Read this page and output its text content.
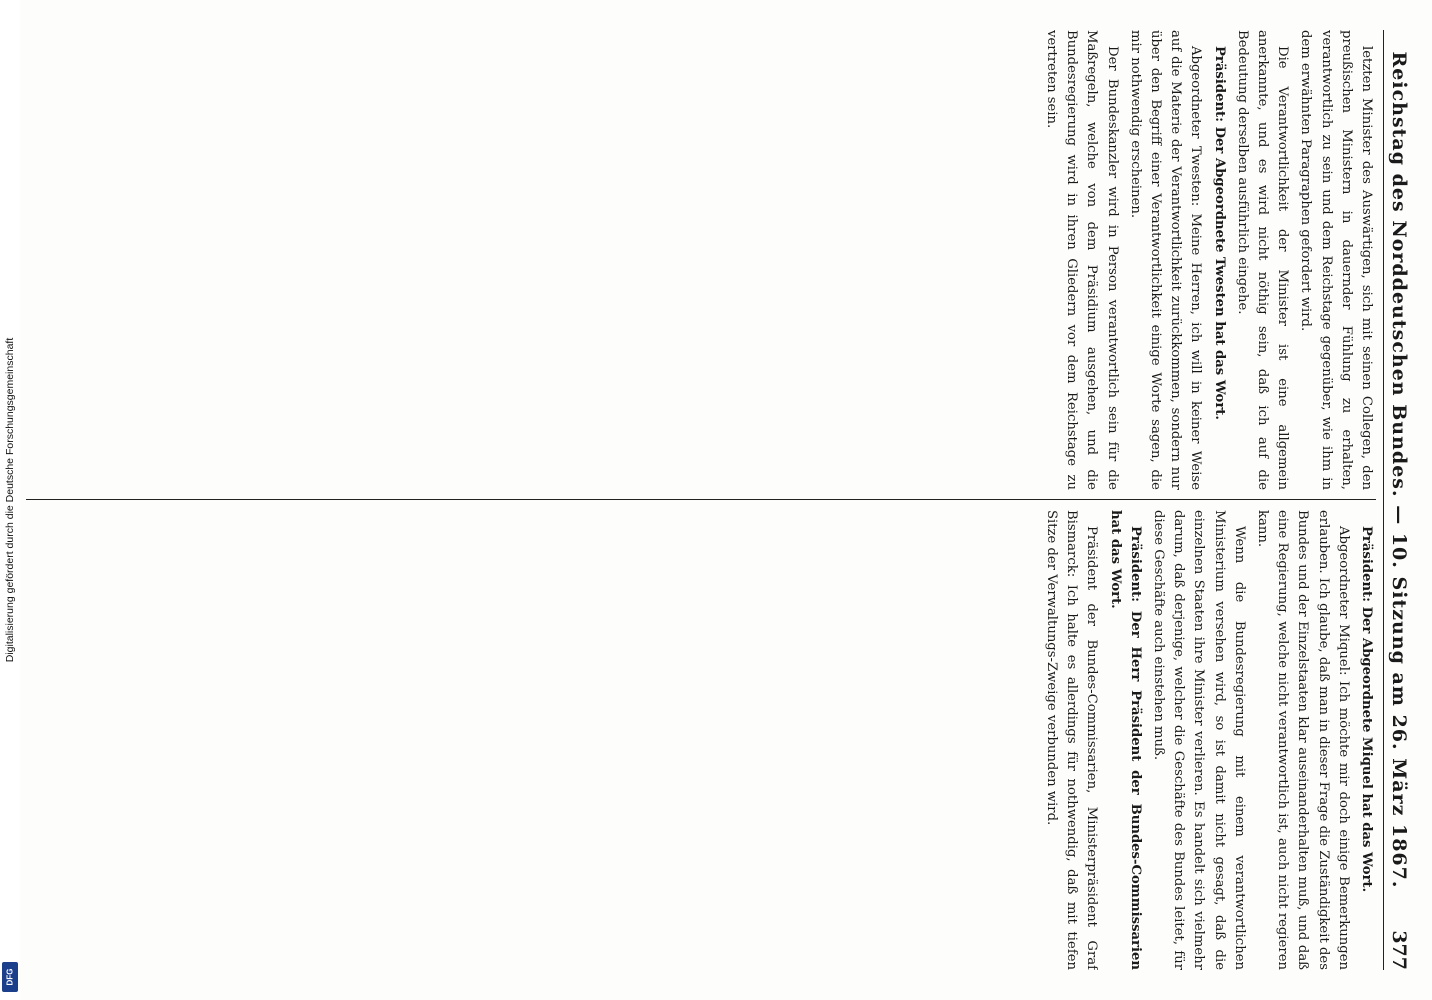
Digitalisierung gefördert durch die Deutsche Forschungsgemeinschaft
DFG
Reichstag des Norddeutschen Bundes. — 10. Sitzung am 26. März 1867.
377

letzten Minister des Auswärtigen, sich mit seinen Collegen, den preußischen Ministern in dauernder Fühlung zu erhalten, verantwortlich zu sein und dem Reichstage gegenüber, wie ihm in dem erwähnten Paragraphen gefordert wird.

Die Verantwortlichkeit der Minister ist eine allgemein anerkannte, und es wird nicht nöthig sein, daß ich auf die Bedeutung derselben ausführlich eingehe.

Präsident: Der Abgeordnete Twesten hat das Wort.

Abgeordneter Twesten: Meine Herren, ich will in keiner Weise auf die Materie der Verantwortlichkeit zurückkommen, sondern nur über den Begriff einer Verantwortlichkeit einige Worte sagen, die mir nothwendig erscheinen.

Der Bundeskanzler wird in Person verantwortlich sein für die Maßregeln, welche von dem Präsidium ausgehen, und die Bundesregierung wird in ihren Gliedern vor dem Reichstage zu vertreten sein.

Präsident: Der Abgeordnete Miquel hat das Wort.

Abgeordneter Miquel: Ich möchte mir doch einige Bemerkungen erlauben. Ich glaube, daß man in dieser Frage die Zuständigkeit des Bundes und der Einzelstaaten klar auseinanderhalten muß, und daß eine Regierung, welche nicht verantwortlich ist, auch nicht regieren kann.

Wenn die Bundesregierung mit einem verantwortlichen Ministerium versehen wird, so ist damit nicht gesagt, daß die einzelnen Staaten ihre Minister verlieren. Es handelt sich vielmehr darum, daß derjenige, welcher die Geschäfte des Bundes leitet, für diese Geschäfte auch einstehen muß.

Präsident: Der Herr Präsident der Bundes-Commissarien hat das Wort.

Präsident der Bundes-Commissarien, Ministerpräsident Graf Bismarck: Ich halte es allerdings für nothwendig, daß mit tiefen Sitze der Verwaltungs-Zweige verbunden wird.
